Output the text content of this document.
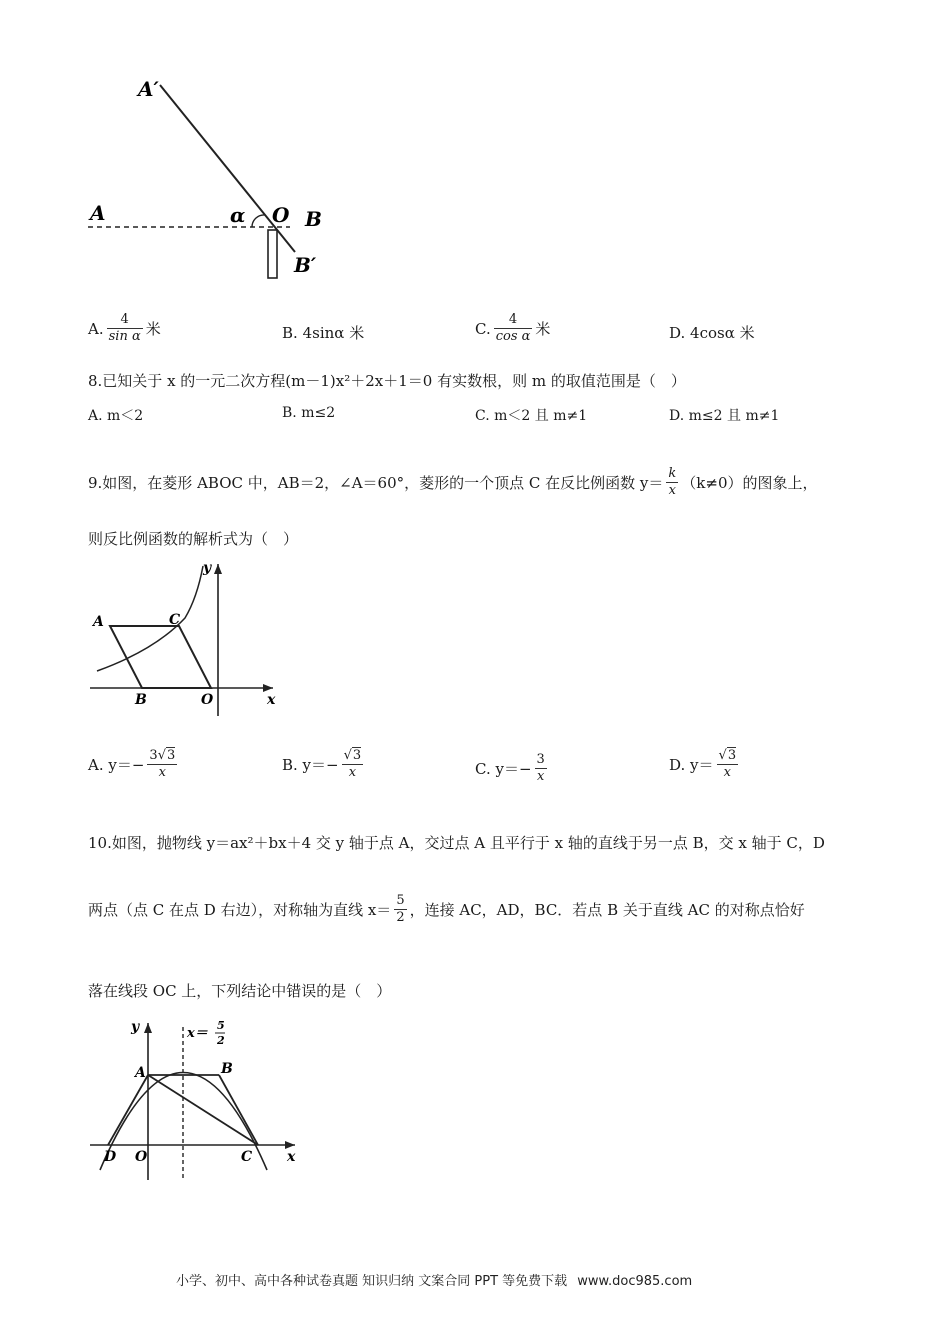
A′
A	α O B
B′
A. $\frac{4}{\text{sin α}}$ 米	B.
4sinα
米	C. $\frac{4}{\text{cos α}}$ 米	D.
4cosα
米
8.已知关于 x 的一元二次方程(m－1)x²＋2x＋1＝0 有实数根，则 m 的取值范围是（　）
A. m＜2	B. m≤2	C. m＜2 且 m≠1	D. m≤2 且 m≠1
9.如图，在菱形 ABOC 中，AB＝2，∠A＝60°，菱形的一个顶点 C 在反比例函数 $y= \frac{k}{x} (k\ne 0)$的图象上，
则反比例函数的解析式为（　）
y
A	C
B	O	x
A. $y= - \frac{3√3}{x}$	B. $y= - \frac{√3}{x}$	C. $y= - \frac{3}{x}$	D. $y= \frac{√3}{x}$
10.如图，抛物线 y＝ax²＋bx＋4 交 y 轴于点 A，交过点 A 且平行于 x 轴的直线于另一点 B，交 x 轴于 C，D
两点（点 C 在点 D 右边），对称轴为直线 $x= \frac{5}{2}$ ，连接 AC，AD，BC．若点 B 关于直线 AC 的对称点恰好
落在线段 OC 上，下列结论中错误的是（　）
y	x＝
5
2
A	B
D O	C x
小学、初中、高中各种试卷真题 知识归纳 文案合同 PPT 等免费下载 www.doc985.com
